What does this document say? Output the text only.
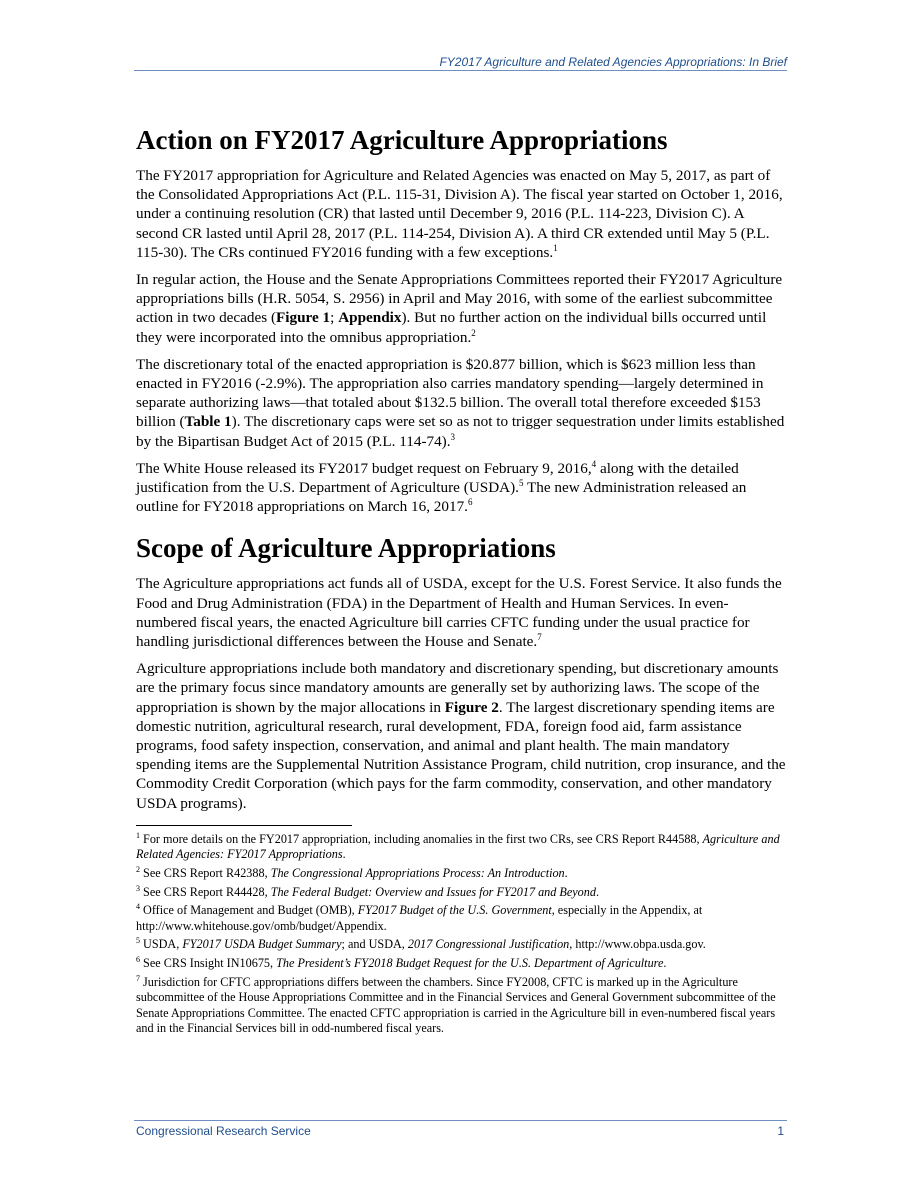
FY2017 Agriculture and Related Agencies Appropriations: In Brief
Action on FY2017 Agriculture Appropriations

The FY2017 appropriation for Agriculture and Related Agencies was enacted on May 5, 2017, as part of the Consolidated Appropriations Act (P.L. 115-31, Division A). The fiscal year started on October 1, 2016, under a continuing resolution (CR) that lasted until December 9, 2016 (P.L. 114-223, Division C). A second CR lasted until April 28, 2017 (P.L. 114-254, Division A). A third CR extended until May 5 (P.L. 115-30). The CRs continued FY2016 funding with a few exceptions.$^1$

In regular action, the House and the Senate Appropriations Committees reported their FY2017 Agriculture appropriations bills (H.R. 5054, S. 2956) in April and May 2016, with some of the earliest subcommittee action in two decades (Figure 1; Appendix). But no further action on the individual bills occurred until they were incorporated into the omnibus appropriation.$^2$

The discretionary total of the enacted appropriation is $20.877 billion, which is $623 million less than enacted in FY2016 (-2.9%). The appropriation also carries mandatory spending—largely determined in separate authorizing laws—that totaled about $132.5 billion. The overall total therefore exceeded $153 billion (Table 1). The discretionary caps were set so as not to trigger sequestration under limits established by the Bipartisan Budget Act of 2015 (P.L. 114-74).$^3$

The White House released its FY2017 budget request on February 9, 2016,$^4$ along with the detailed justification from the U.S. Department of Agriculture (USDA).$^5$ The new Administration released an outline for FY2018 appropriations on March 16, 2017.$^6$

Scope of Agriculture Appropriations

The Agriculture appropriations act funds all of USDA, except for the U.S. Forest Service. It also funds the Food and Drug Administration (FDA) in the Department of Health and Human Services. In even-numbered fiscal years, the enacted Agriculture bill carries CFTC funding under the usual practice for handling jurisdictional differences between the House and Senate.$^7$

Agriculture appropriations include both mandatory and discretionary spending, but discretionary amounts are the primary focus since mandatory amounts are generally set by authorizing laws. The scope of the appropriation is shown by the major allocations in Figure 2. The largest discretionary spending items are domestic nutrition, agricultural research, rural development, FDA, foreign food aid, farm assistance programs, food safety inspection, conservation, and animal and plant health. The main mandatory spending items are the Supplemental Nutrition Assistance Program, child nutrition, crop insurance, and the Commodity Credit Corporation (which pays for the farm commodity, conservation, and other mandatory USDA programs).

$^1$ For more details on the FY2017 appropriation, including anomalies in the first two CRs, see CRS Report R44588, Agriculture and Related Agencies: FY2017 Appropriations.
$^2$ See CRS Report R42388, The Congressional Appropriations Process: An Introduction.
$^3$ See CRS Report R44428, The Federal Budget: Overview and Issues for FY2017 and Beyond.
$^4$ Office of Management and Budget (OMB), FY2017 Budget of the U.S. Government, especially in the Appendix, at http://www.whitehouse.gov/omb/budget/Appendix.
$^5$ USDA, FY2017 USDA Budget Summary; and USDA, 2017 Congressional Justification, http://www.obpa.usda.gov.
$^6$ See CRS Insight IN10675, The President’s FY2018 Budget Request for the U.S. Department of Agriculture.
$^7$ Jurisdiction for CFTC appropriations differs between the chambers. Since FY2008, CFTC is marked up in the Agriculture subcommittee of the House Appropriations Committee and in the Financial Services and General Government subcommittee of the Senate Appropriations Committee. The enacted CFTC appropriation is carried in the Agriculture bill in even-numbered fiscal years and in the Financial Services bill in odd-numbered fiscal years.
Congressional Research Service	1
